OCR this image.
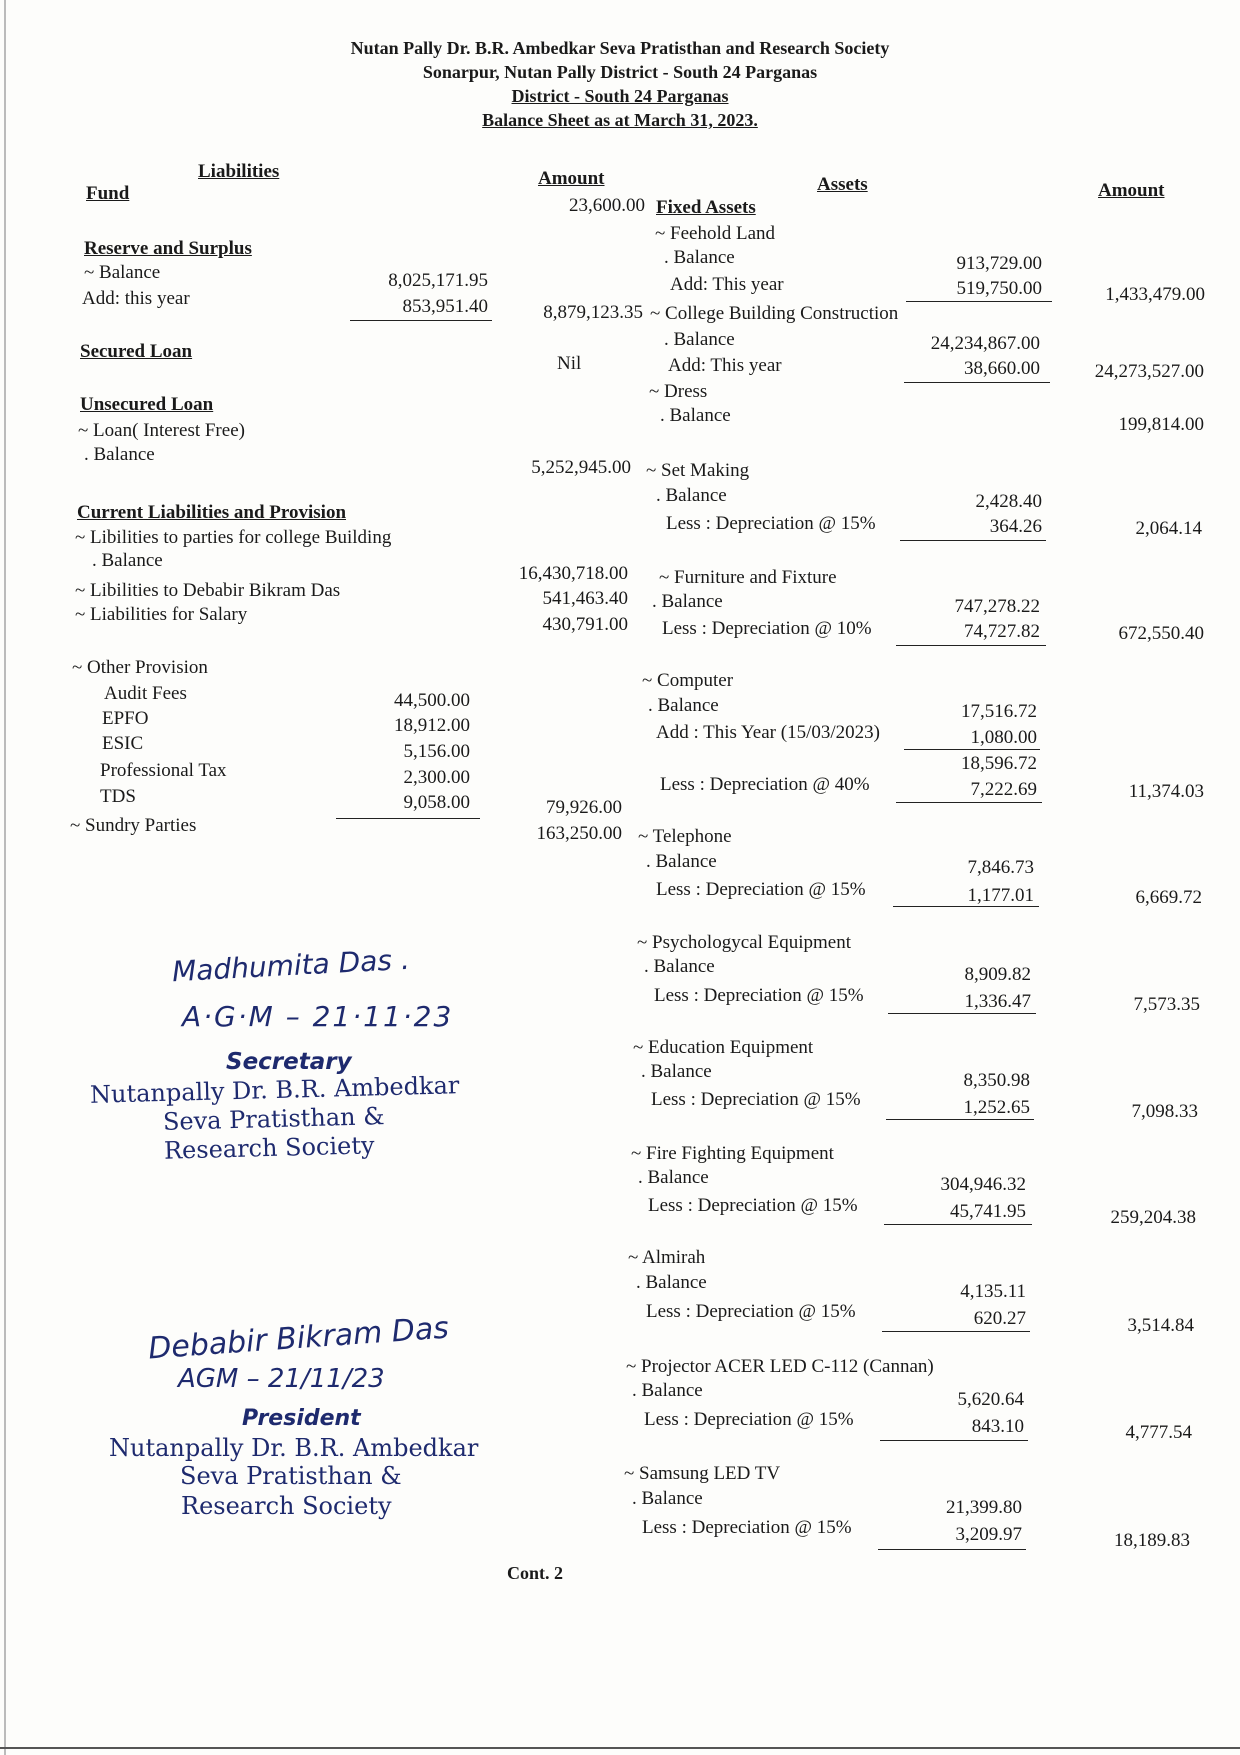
Nutan Pally Dr. B.R. Ambedkar Seva Pratisthan and Research Society
Sonarpur, Nutan Pally District - South 24 Parganas
District - South 24 Parganas
Balance Sheet as at March 31, 2023.
Liabilities	Amount	Assets	Amount
Fund
23,600.00
Reserve and Surplus
~ Balance	8,025,171.95
Add: this year	853,951.40	8,879,123.35
Secured Loan
Nil
Unsecured Loan
~ Loan( Interest Free)
. Balance
5,252,945.00
Current Liabilities and Provision
~ Libilities to parties for college Building
. Balance
16,430,718.00
~ Libilities to Debabir Bikram Das	541,463.40
~ Liabilities for Salary	430,791.00
~ Other Provision
Audit Fees	44,500.00
EPFO	18,912.00
ESIC	5,156.00
Professional Tax	2,300.00
TDS	9,058.00	79,926.00
~ Sundry Parties	163,250.00
Fixed Assets
~ Feehold Land
. Balance	913,729.00
Add: This year	519,750.00	1,433,479.00
~ College Building Construction
. Balance	24,234,867.00
Add: This year	38,660.00	24,273,527.00
~ Dress
. Balance	199,814.00
~ Set Making
. Balance	2,428.40
Less : Depreciation @ 15%	364.26	2,064.14
~ Furniture and Fixture
. Balance	747,278.22
Less : Depreciation @ 10%	74,727.82	672,550.40
~ Computer
. Balance	17,516.72
Add : This Year (15/03/2023)	1,080.00
18,596.72
Less : Depreciation @ 40%	7,222.69	11,374.03
~ Telephone
. Balance	7,846.73
Less : Depreciation @ 15%	1,177.01	6,669.72
~ Psychologycal Equipment
. Balance	8,909.82
Less : Depreciation @ 15%	1,336.47	7,573.35
~ Education Equipment
. Balance	8,350.98
Less : Depreciation @ 15%	1,252.65	7,098.33
~ Fire Fighting Equipment
. Balance	304,946.32
Less : Depreciation @ 15%	45,741.95	259,204.38
~ Almirah
. Balance	4,135.11
Less : Depreciation @ 15%	620.27	3,514.84
~ Projector ACER LED C-112 (Cannan)
. Balance	5,620.64
Less : Depreciation @ 15%	843.10	4,777.54
~ Samsung LED TV
. Balance	21,399.80
Less : Depreciation @ 15%	3,209.97	18,189.83
Madhumita Das .
A·G·M – 21·11·23
Secretary
Nutanpally Dr. B.R. Ambedkar
Seva Pratisthan &
Research Society
Debabir Bikram Das
AGM – 21/11/23
President
Nutanpally Dr. B.R. Ambedkar
Seva Pratisthan &
Research Society
Cont. 2
